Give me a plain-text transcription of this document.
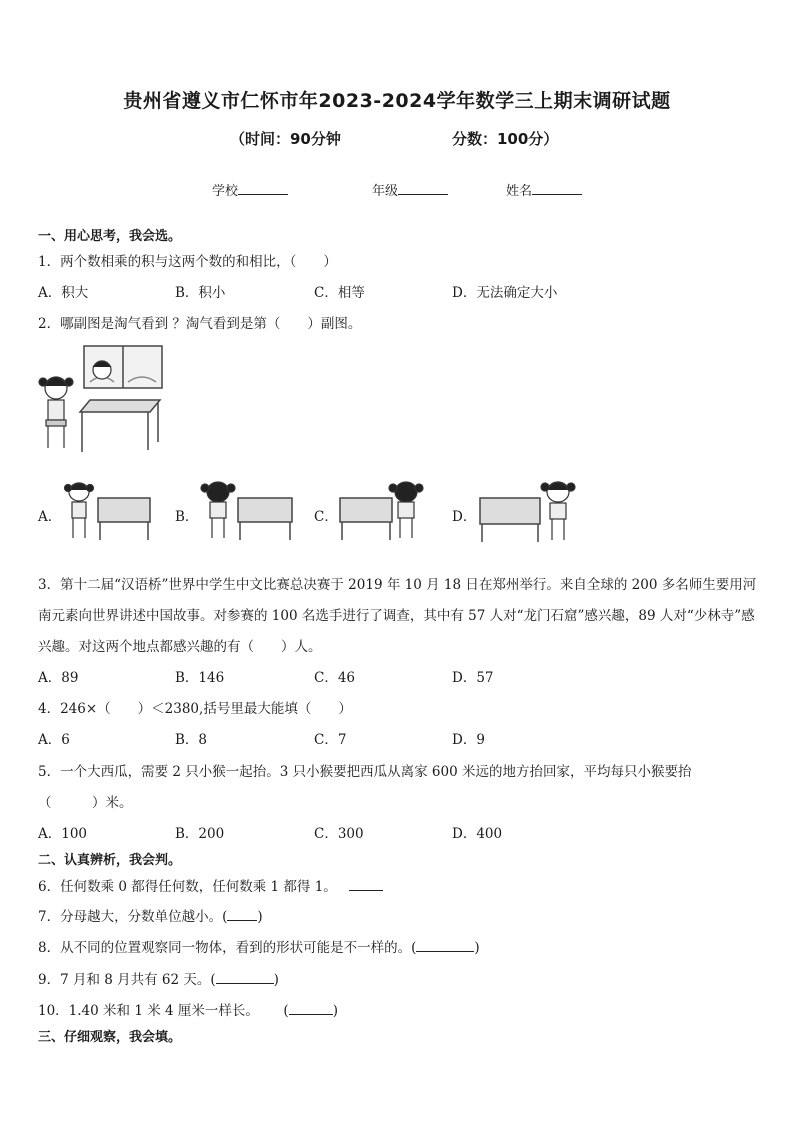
贵州省遵义市仁怀市年2023-2024学年数学三上期末调研试题
（时间：90分钟	分数：100分）
学校	年级	姓名
一、用心思考，我会选。
1．两个数相乘的积与这两个数的和相比，（　　）
A．积大	B．积小	C．相等	D．无法确定大小
2．哪副图是淘气看到 ？淘气看到是第（　　）副图。
A．	B．	C．	D．
3．第十二届“汉语桥”世界中学生中文比赛总决赛于 2019 年 10 月 18 日在郑州举行。来自全球的 200 多名师生要用河
南元素向世界讲述中国故事。对参赛的 100 名选手进行了调查，其中有 57 人对“龙门石窟”感兴趣，89 人对“少林寺”感
兴趣。对这两个地点都感兴趣的有（　　）人。
A．89	B．146	C．46	D．57
4．246×（　　）＜2380,括号里最大能填（　　）
A．6	B．8	C．7	D．9
5．一个大西瓜，需要 2 只小猴一起抬。3 只小猴要把西瓜从离家 600 米远的地方抬回家，平均每只小猴要抬
（　　　）米。
A．100	B．200	C．300	D．400
二、认真辨析，我会判。
6．任何数乘 0 都得任何数，任何数乘 1 都得 1。
7．分母越大，分数单位越小。( )
8．从不同的位置观察同一物体，看到的形状可能是不一样的。(	)
9．7 月和 8 月共有 62 天。(	)
10．1.40 米和 1 米 4 厘米一样长。　　 (	)
三、仔细观察，我会填。
